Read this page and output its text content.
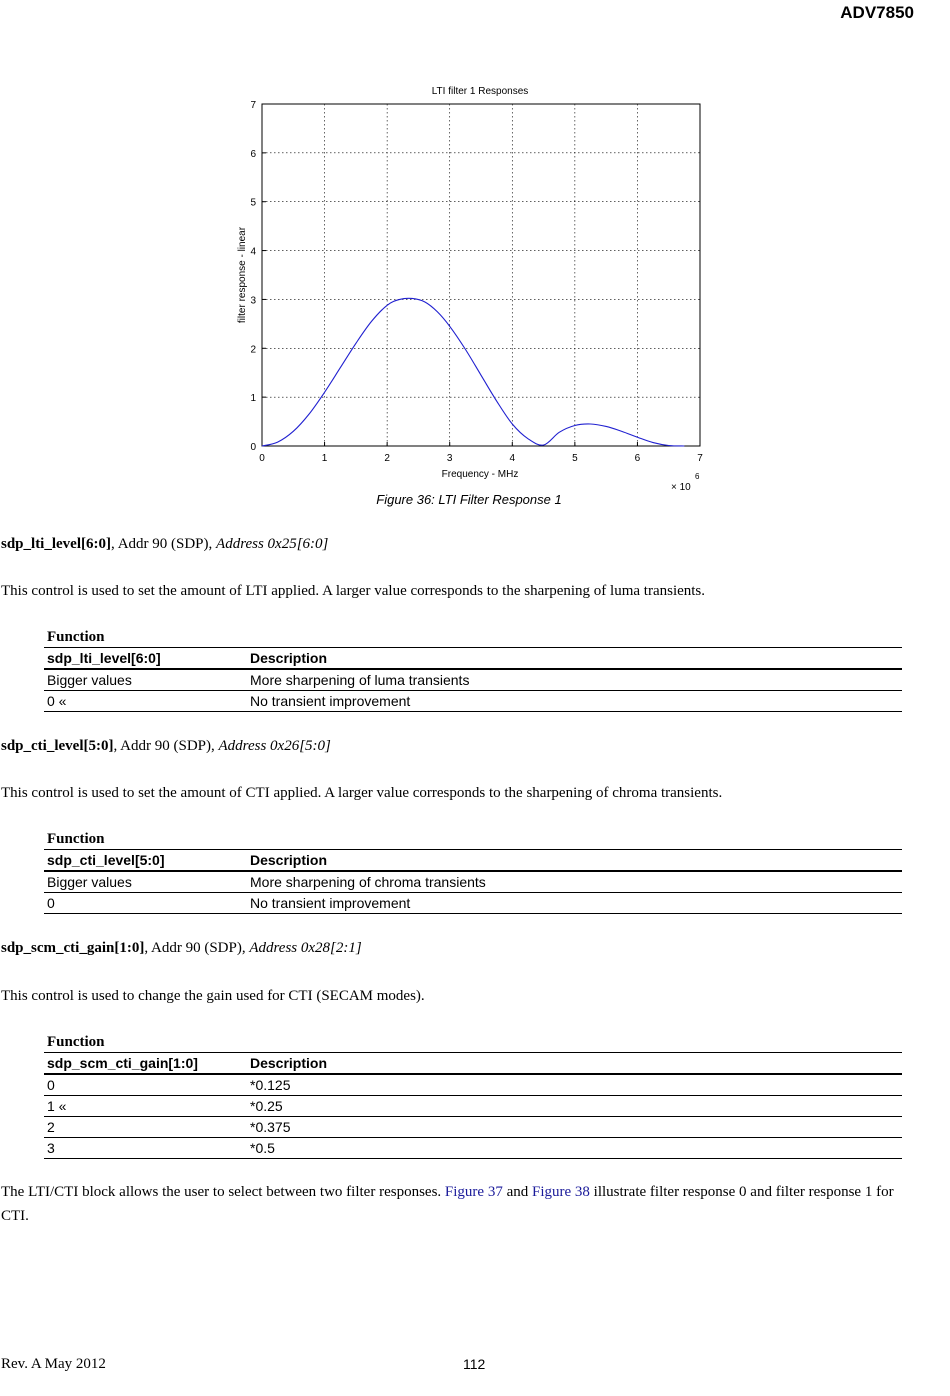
ADV7850
LTI filter 1 Responses
0	1	2	3	4	5	6	7
0
1
2
3
4
5
6
7
Frequency - MHz
filter response - linear
6
× 10
Figure 36: LTI Filter Response 1
sdp_lti_level[6:0], Addr 90 (SDP), Address 0x25[6:0]
This control is used to set the amount of LTI applied. A larger value corresponds to the sharpening of luma transients.
Function
sdp_lti_level[6:0]	Description
Bigger values	More sharpening of luma transients
0 «	No transient improvement
sdp_cti_level[5:0], Addr 90 (SDP), Address 0x26[5:0]
This control is used to set the amount of CTI applied. A larger value corresponds to the sharpening of chroma transients.
Function
sdp_cti_level[5:0]	Description
Bigger values	More sharpening of chroma transients
0	No transient improvement
sdp_scm_cti_gain[1:0], Addr 90 (SDP), Address 0x28[2:1]
This control is used to change the gain used for CTI (SECAM modes).
Function
sdp_scm_cti_gain[1:0]	Description
0	*0.125
1 «	*0.25
2	*0.375
3	*0.5
The LTI/CTI block allows the user to select between two filter responses. Figure 37 and Figure 38 illustrate filter response 0 and filter response 1 for CTI.
Rev. A May 2012	112
